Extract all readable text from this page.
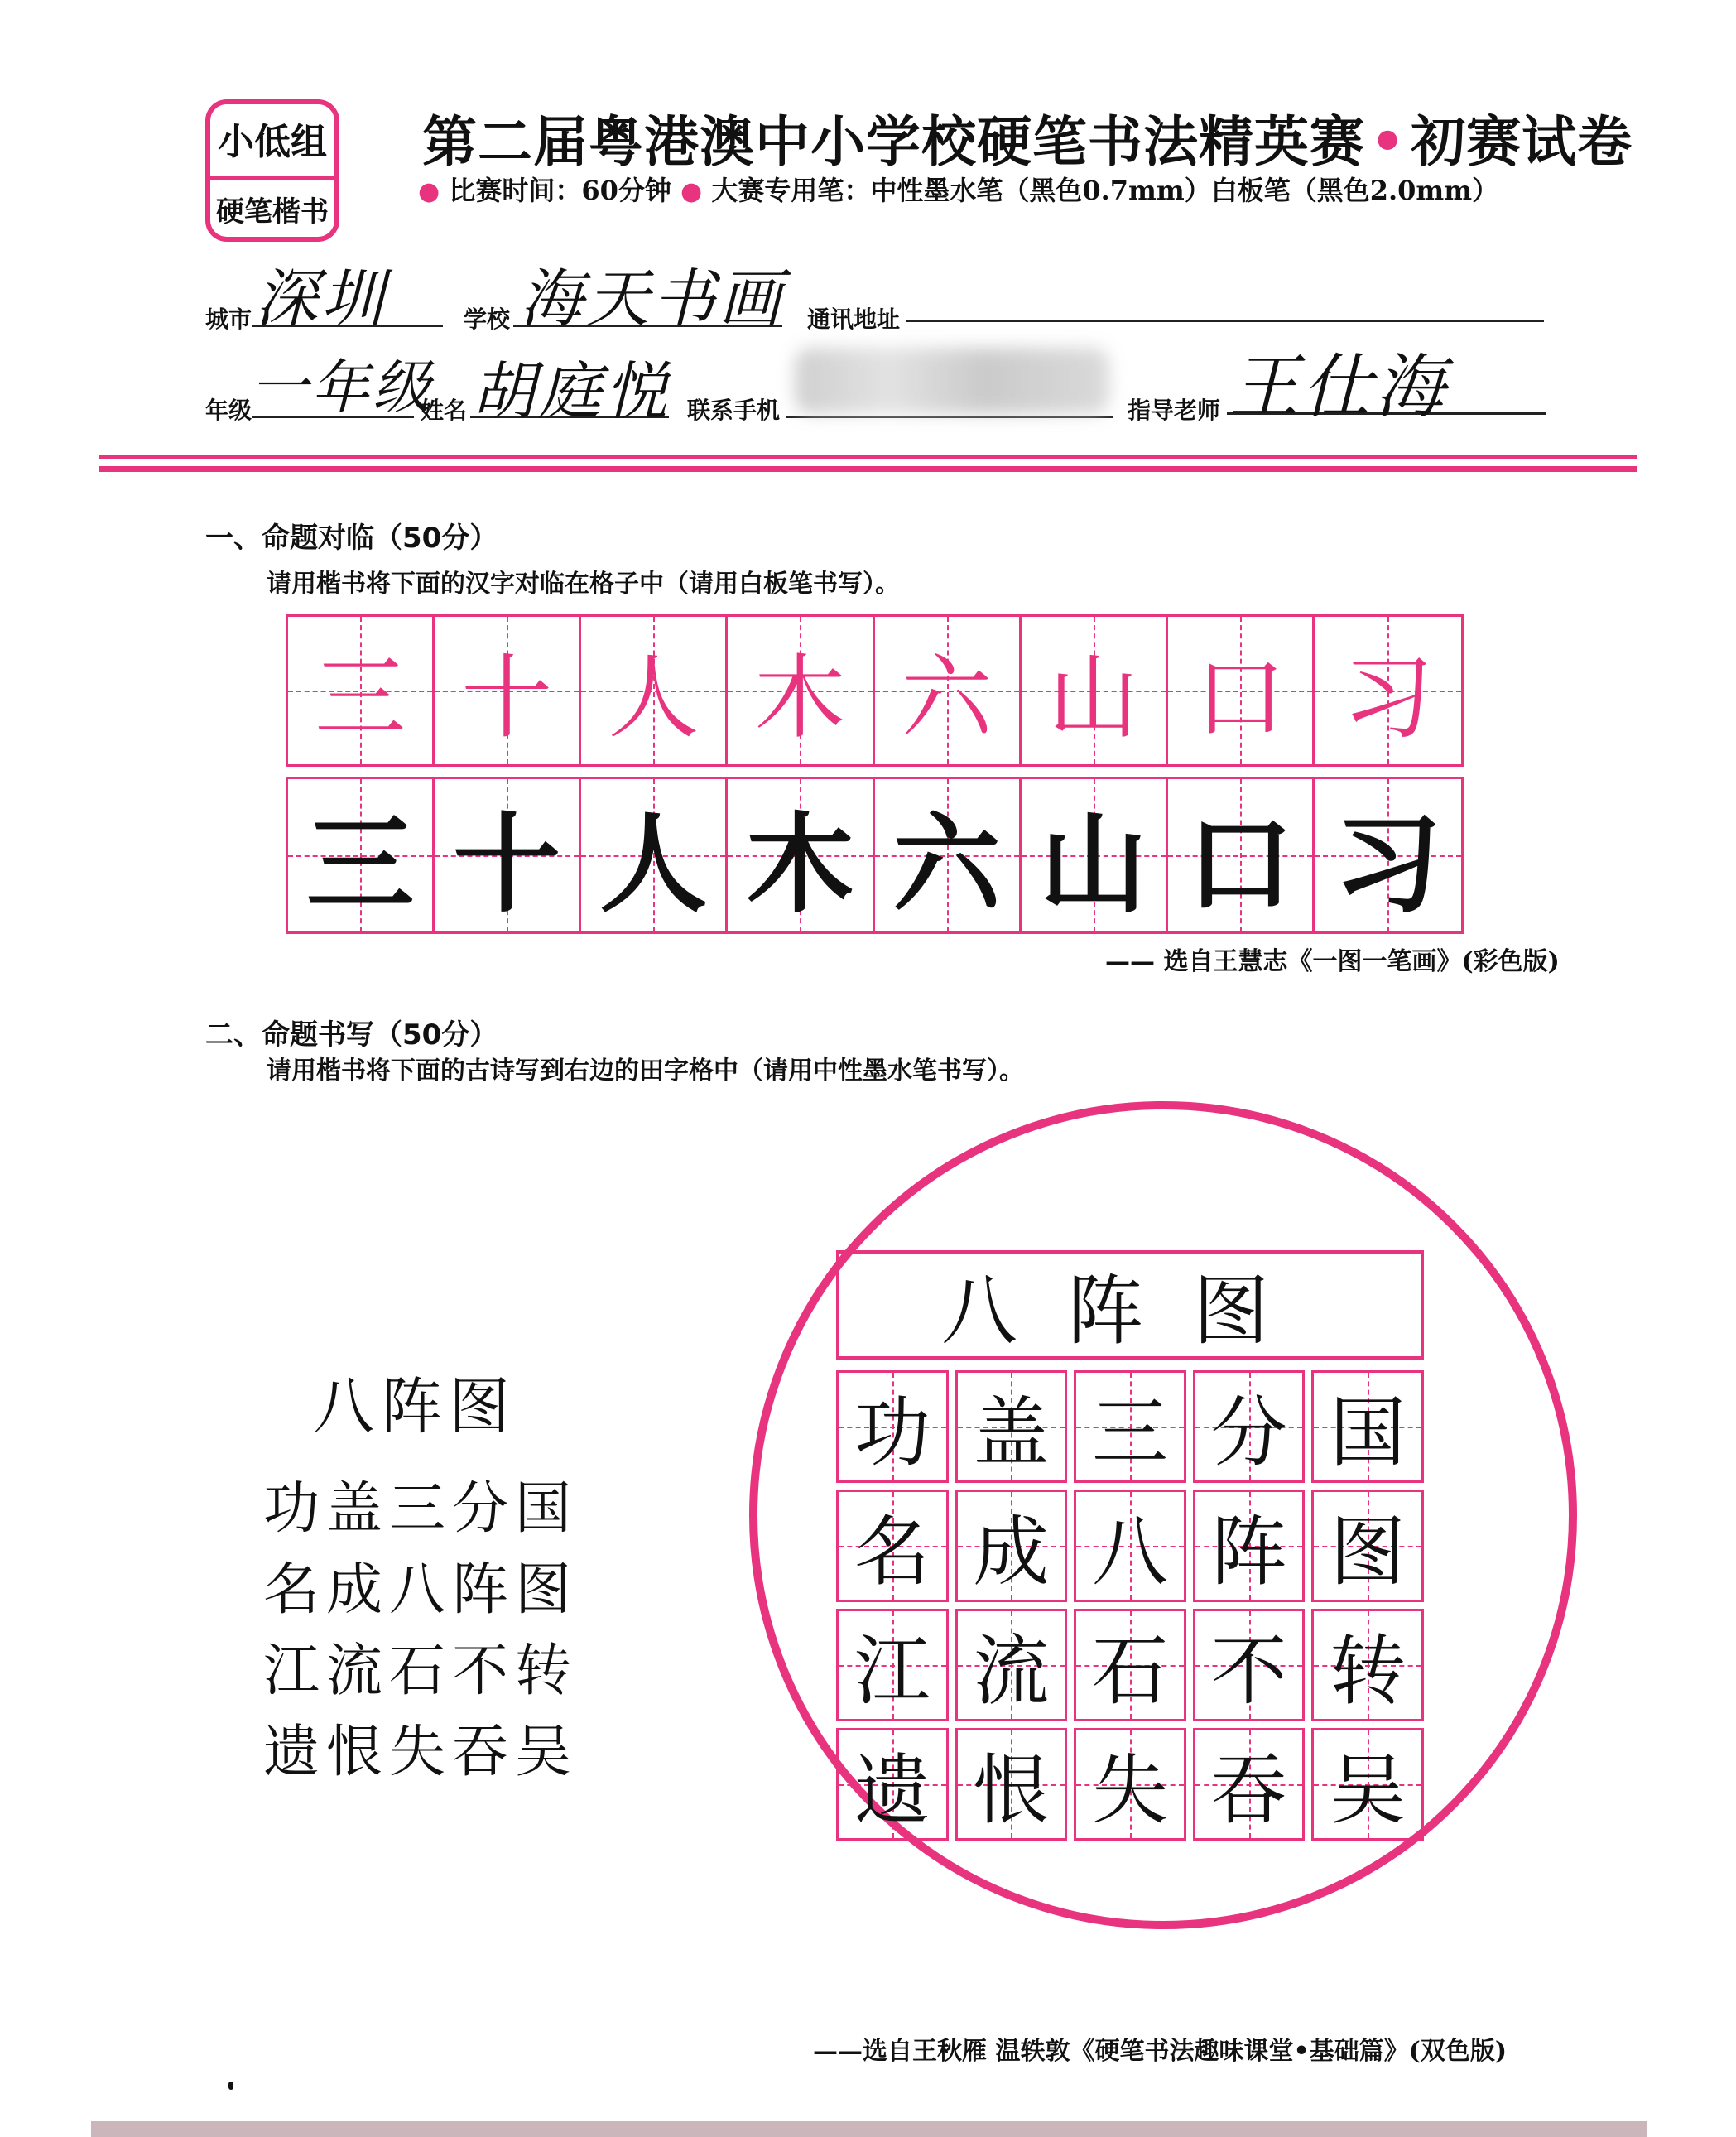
小低组
硬笔楷书
第二届粤港澳中小学校硬笔书法精英赛•初赛试卷
● 比赛时间：60分钟 ● 大赛专用笔：中性墨水笔（黑色0.7mm）白板笔（黑色2.0mm）
城市 深圳	学校 海天书画 通讯地址
年级
一年级
姓名 胡庭悦 联系手机	指导老师 王仕海
一、命题对临（50分）
请用楷书将下面的汉字对临在格子中（请用白板笔书写）。
三 十 人 木 六 山 口 习
三 十 人 木 六 山 口 习
—— 选自王慧志《一图一笔画》(彩色版)
二、命题书写（50分）
请用楷书将下面的古诗写到右边的田字格中（请用中性墨水笔书写）。
八阵图
功盖三分国
名成八阵图
江流石不转
遗恨失吞吴
八阵图
功 盖 三 分 国
名 成 八 阵 图
江 流 石 不 转
遗 恨 失 吞 吴
——选自王秋雁 温轶敦《硬笔书法趣味课堂•基础篇》(双色版)
